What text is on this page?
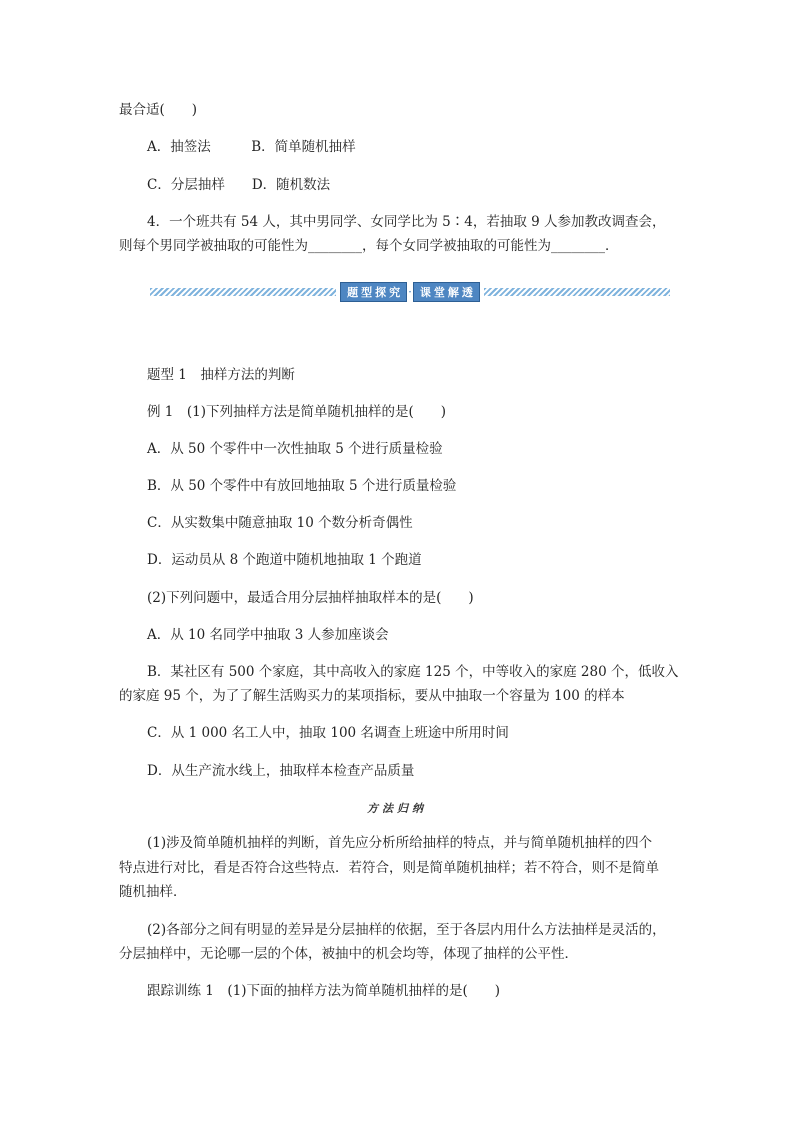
最合适(　　)
A．抽签法　　　B．简单随机抽样
C．分层抽样　　D．随机数法
4．一个班共有 54 人，其中男同学、女同学比为 5∶4，若抽取 9 人参加教改调查会，
则每个男同学被抽取的可能性为________，每个女同学被抽取的可能性为________．
题型探究 · 课堂解透
题型 1　抽样方法的判断
例 1　(1)下列抽样方法是简单随机抽样的是(　　)
A．从 50 个零件中一次性抽取 5 个进行质量检验
B．从 50 个零件中有放回地抽取 5 个进行质量检验
C．从实数集中随意抽取 10 个数分析奇偶性
D．运动员从 8 个跑道中随机地抽取 1 个跑道
(2)下列问题中，最适合用分层抽样抽取样本的是(　　)
A．从 10 名同学中抽取 3 人参加座谈会
B．某社区有 500 个家庭，其中高收入的家庭 125 个，中等收入的家庭 280 个，低收入
的家庭 95 个，为了了解生活购买力的某项指标，要从中抽取一个容量为 100 的样本
C．从 1 000 名工人中，抽取 100 名调查上班途中所用时间
D．从生产流水线上，抽取样本检查产品质量
方法归纳
(1)涉及简单随机抽样的判断，首先应分析所给抽样的特点，并与简单随机抽样的四个
特点进行对比，看是否符合这些特点．若符合，则是简单随机抽样；若不符合，则不是简单
随机抽样．
(2)各部分之间有明显的差异是分层抽样的依据，至于各层内用什么方法抽样是灵活的，
分层抽样中，无论哪一层的个体，被抽中的机会均等，体现了抽样的公平性．
跟踪训练 1　(1)下面的抽样方法为简单随机抽样的是(　　)
